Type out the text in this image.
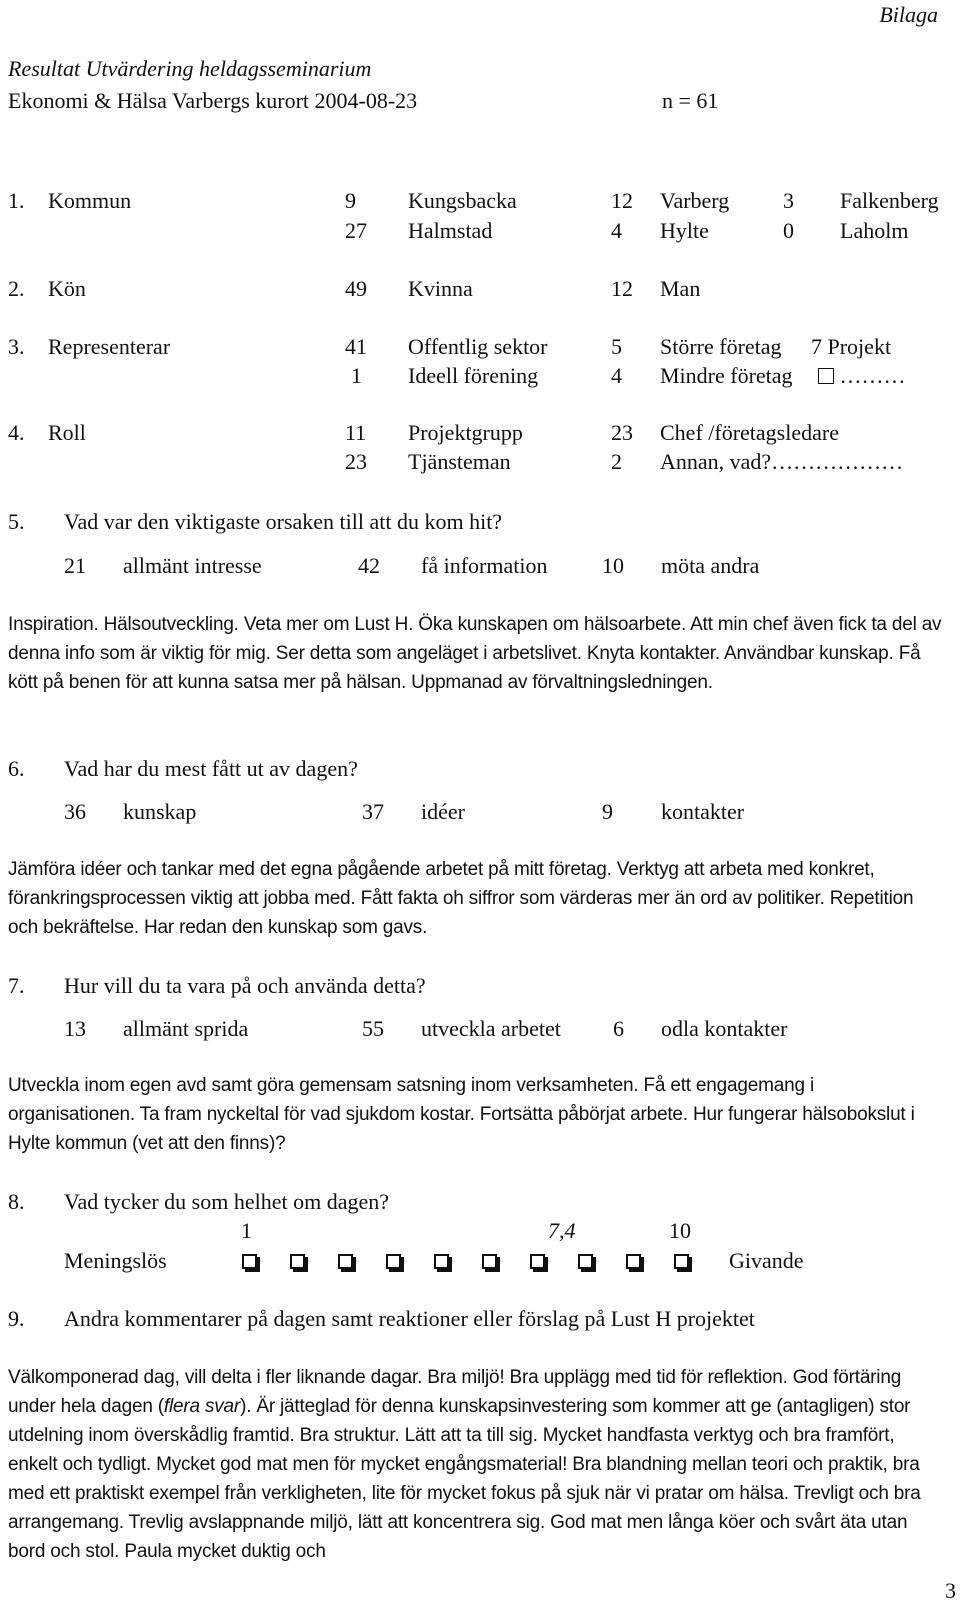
Bilaga
Resultat Utvärdering heldagsseminarium
Ekonomi & Hälsa Varbergs kurort 2004-08-23	n = 61
1. Kommun	9 Kungsbacka	12 Varberg 3 Falkenberg
27 Halmstad	4 Hylte	0 Laholm
2. Kön	49 Kvinna	12 Man
3. Representerar	41 Offentlig sektor	5 Större företag 7 Projekt
1 Ideell förening	4 Mindre företag	………
4. Roll	11 Projektgrupp	23 Chef /företagsledare
23 Tjänsteman	2 Annan, vad?………………
5. Vad var den viktigaste orsaken till att du kom hit?
21 allmänt intresse	42 få information 10 möta andra
Inspiration. Hälsoutveckling. Veta mer om Lust H. Öka kunskapen om hälsoarbete. Att min chef även fick ta del av denna info som är viktig för mig. Ser detta som angeläget i arbetslivet. Knyta kontakter. Användbar kunskap. Få kött på benen för att kunna satsa mer på hälsan. Uppmanad av förvaltningsledningen.
6. Vad har du mest fått ut av dagen?
36 kunskap	37 idéer	9 kontakter
Jämföra idéer och tankar med det egna pågående arbetet på mitt företag. Verktyg att arbeta med konkret, förankringsprocessen viktig att jobba med. Fått fakta oh siffror som värderas mer än ord av politiker. Repetition och bekräftelse. Har redan den kunskap som gavs.
7. Hur vill du ta vara på och använda detta?
13 allmänt sprida	55 utveckla arbetet 6 odla kontakter
Utveckla inom egen avd samt göra gemensam satsning inom verksamheten. Få ett engagemang i organisationen. Ta fram nyckeltal för vad sjukdom kostar. Fortsätta påbörjat arbete. Hur fungerar hälsobokslut i Hylte kommun (vet att den finns)?
8. Vad tycker du som helhet om dagen?
1	7,4	10
Meningslös	Givande
9. Andra kommentarer på dagen samt reaktioner eller förslag på Lust H projektet
Välkomponerad dag, vill delta i fler liknande dagar. Bra miljö! Bra upplägg med tid för reflektion. God förtäring under hela dagen (flera svar). Är jätteglad för denna kunskapsinvestering som kommer att ge (antagligen) stor utdelning inom överskådlig framtid. Bra struktur. Lätt att ta till sig. Mycket handfasta verktyg och bra framfört, enkelt och tydligt. Mycket god mat men för mycket engångsmaterial! Bra blandning mellan teori och praktik, bra med ett praktiskt exempel från verkligheten, lite för mycket fokus på sjuk när vi pratar om hälsa. Trevligt och bra arrangemang. Trevlig avslappnande miljö, lätt att koncentrera sig. God mat men långa köer och svårt äta utan bord och stol. Paula mycket duktig och
3
